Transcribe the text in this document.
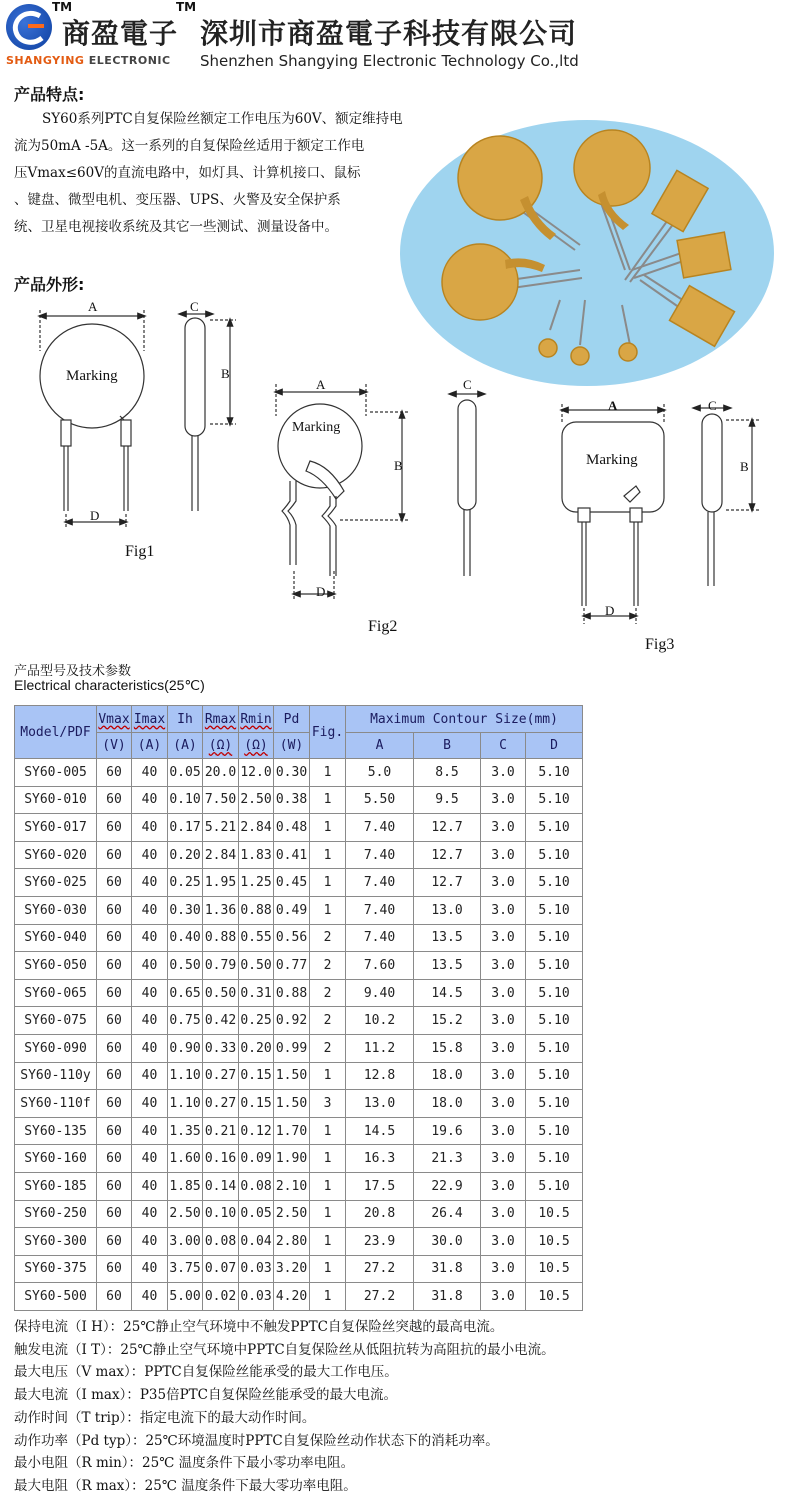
TM	TM
商盈電子 深圳市商盈電子科技有限公司
SHANGYING ELECTRONIC Shenzhen Shangying Electronic Technology Co.,ltd
产品特点:
SY60系列PTC自复保险丝额定工作电压为60V、额定维持电
流为50mA -5A。这一系列的自复保险丝适用于额定工作电
压Vmax≤60V的直流电路中，如灯具、计算机接口、鼠标
、键盘、微型电机、变压器、UPS、火警及安全保护系
统、卫星电视接收系统及其它一些测试、测量设备中。
产品外形:
A	C
B
D
Marking
Fig1
A	C
B
D
Marking
Fig2
A	C
B
D
Marking
Fig3
产品型号及技术参数
Electrical characteristics(25℃)
Model/PDF	Vmax	Imax	Ih	Rmax	Rmin	Pd	Fig.	Maximum Contour Size(mm)			
	(V)	(A)	(A)	(Ω)	(Ω)	(W)		A	B	C	D
SY60-005	60	40	0.05	20.0	12.0	0.30	1	5.0	8.5	3.0	5.10
SY60-010	60	40	0.10	7.50	2.50	0.38	1	5.50	9.5	3.0	5.10
SY60-017	60	40	0.17	5.21	2.84	0.48	1	7.40	12.7	3.0	5.10
SY60-020	60	40	0.20	2.84	1.83	0.41	1	7.40	12.7	3.0	5.10
SY60-025	60	40	0.25	1.95	1.25	0.45	1	7.40	12.7	3.0	5.10
SY60-030	60	40	0.30	1.36	0.88	0.49	1	7.40	13.0	3.0	5.10
SY60-040	60	40	0.40	0.88	0.55	0.56	2	7.40	13.5	3.0	5.10
SY60-050	60	40	0.50	0.79	0.50	0.77	2	7.60	13.5	3.0	5.10
SY60-065	60	40	0.65	0.50	0.31	0.88	2	9.40	14.5	3.0	5.10
SY60-075	60	40	0.75	0.42	0.25	0.92	2	10.2	15.2	3.0	5.10
SY60-090	60	40	0.90	0.33	0.20	0.99	2	11.2	15.8	3.0	5.10
SY60-110y	60	40	1.10	0.27	0.15	1.50	1	12.8	18.0	3.0	5.10
SY60-110f	60	40	1.10	0.27	0.15	1.50	3	13.0	18.0	3.0	5.10
SY60-135	60	40	1.35	0.21	0.12	1.70	1	14.5	19.6	3.0	5.10
SY60-160	60	40	1.60	0.16	0.09	1.90	1	16.3	21.3	3.0	5.10
SY60-185	60	40	1.85	0.14	0.08	2.10	1	17.5	22.9	3.0	5.10
SY60-250	60	40	2.50	0.10	0.05	2.50	1	20.8	26.4	3.0	10.5
SY60-300	60	40	3.00	0.08	0.04	2.80	1	23.9	30.0	3.0	10.5
SY60-375	60	40	3.75	0.07	0.03	3.20	1	27.2	31.8	3.0	10.5
SY60-500	60	40	5.00	0.02	0.03	4.20	1	27.2	31.8	3.0	10.5
保持电流（I H）：25℃静止空气环境中不触发PPTC自复保险丝突越的最高电流。
触发电流（I T）：25℃静止空气环境中PPTC自复保险丝从低阻抗转为高阻抗的最小电流。
最大电压（V max）：PPTC自复保险丝能承受的最大工作电压。
最大电流（I max）：P35倍PTC自复保险丝能承受的最大电流。
动作时间（T trip）：指定电流下的最大动作时间。
动作功率（Pd typ）：25℃环境温度时PPTC自复保险丝动作状态下的消耗功率。
最小电阻（R min）：25℃ 温度条件下最小零功率电阻。
最大电阻（R max）：25℃ 温度条件下最大零功率电阻。
